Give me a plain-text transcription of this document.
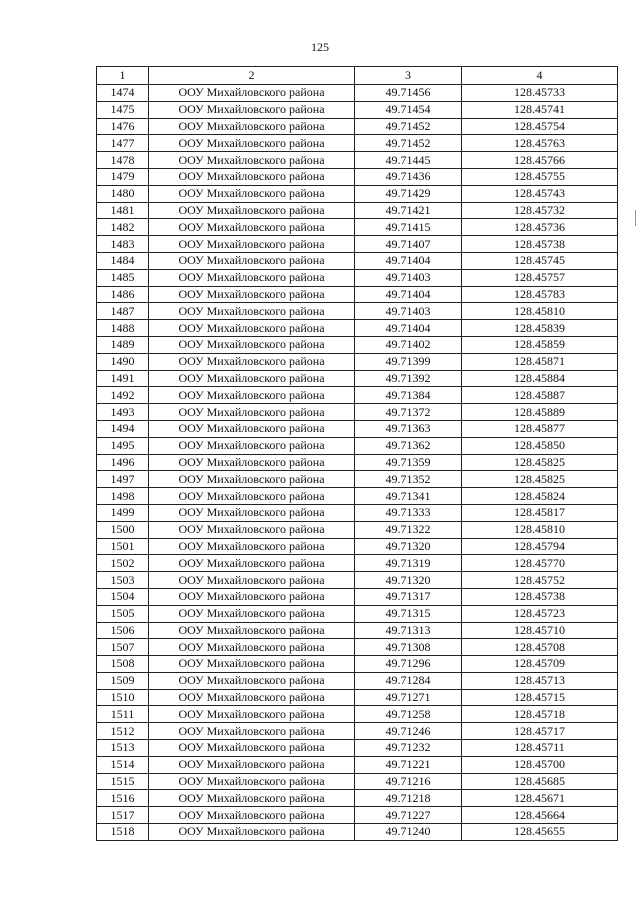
125
1	2	3	4
1474	ООУ Михайловского района	49.71456	128.45733
1475	ООУ Михайловского района	49.71454	128.45741
1476	ООУ Михайловского района	49.71452	128.45754
1477	ООУ Михайловского района	49.71452	128.45763
1478	ООУ Михайловского района	49.71445	128.45766
1479	ООУ Михайловского района	49.71436	128.45755
1480	ООУ Михайловского района	49.71429	128.45743
1481	ООУ Михайловского района	49.71421	128.45732
1482	ООУ Михайловского района	49.71415	128.45736
1483	ООУ Михайловского района	49.71407	128.45738
1484	ООУ Михайловского района	49.71404	128.45745
1485	ООУ Михайловского района	49.71403	128.45757
1486	ООУ Михайловского района	49.71404	128.45783
1487	ООУ Михайловского района	49.71403	128.45810
1488	ООУ Михайловского района	49.71404	128.45839
1489	ООУ Михайловского района	49.71402	128.45859
1490	ООУ Михайловского района	49.71399	128.45871
1491	ООУ Михайловского района	49.71392	128.45884
1492	ООУ Михайловского района	49.71384	128.45887
1493	ООУ Михайловского района	49.71372	128.45889
1494	ООУ Михайловского района	49.71363	128.45877
1495	ООУ Михайловского района	49.71362	128.45850
1496	ООУ Михайловского района	49.71359	128.45825
1497	ООУ Михайловского района	49.71352	128.45825
1498	ООУ Михайловского района	49.71341	128.45824
1499	ООУ Михайловского района	49.71333	128.45817
1500	ООУ Михайловского района	49.71322	128.45810
1501	ООУ Михайловского района	49.71320	128.45794
1502	ООУ Михайловского района	49.71319	128.45770
1503	ООУ Михайловского района	49.71320	128.45752
1504	ООУ Михайловского района	49.71317	128.45738
1505	ООУ Михайловского района	49.71315	128.45723
1506	ООУ Михайловского района	49.71313	128.45710
1507	ООУ Михайловского района	49.71308	128.45708
1508	ООУ Михайловского района	49.71296	128.45709
1509	ООУ Михайловского района	49.71284	128.45713
1510	ООУ Михайловского района	49.71271	128.45715
1511	ООУ Михайловского района	49.71258	128.45718
1512	ООУ Михайловского района	49.71246	128.45717
1513	ООУ Михайловского района	49.71232	128.45711
1514	ООУ Михайловского района	49.71221	128.45700
1515	ООУ Михайловского района	49.71216	128.45685
1516	ООУ Михайловского района	49.71218	128.45671
1517	ООУ Михайловского района	49.71227	128.45664
1518	ООУ Михайловского района	49.71240	128.45655
